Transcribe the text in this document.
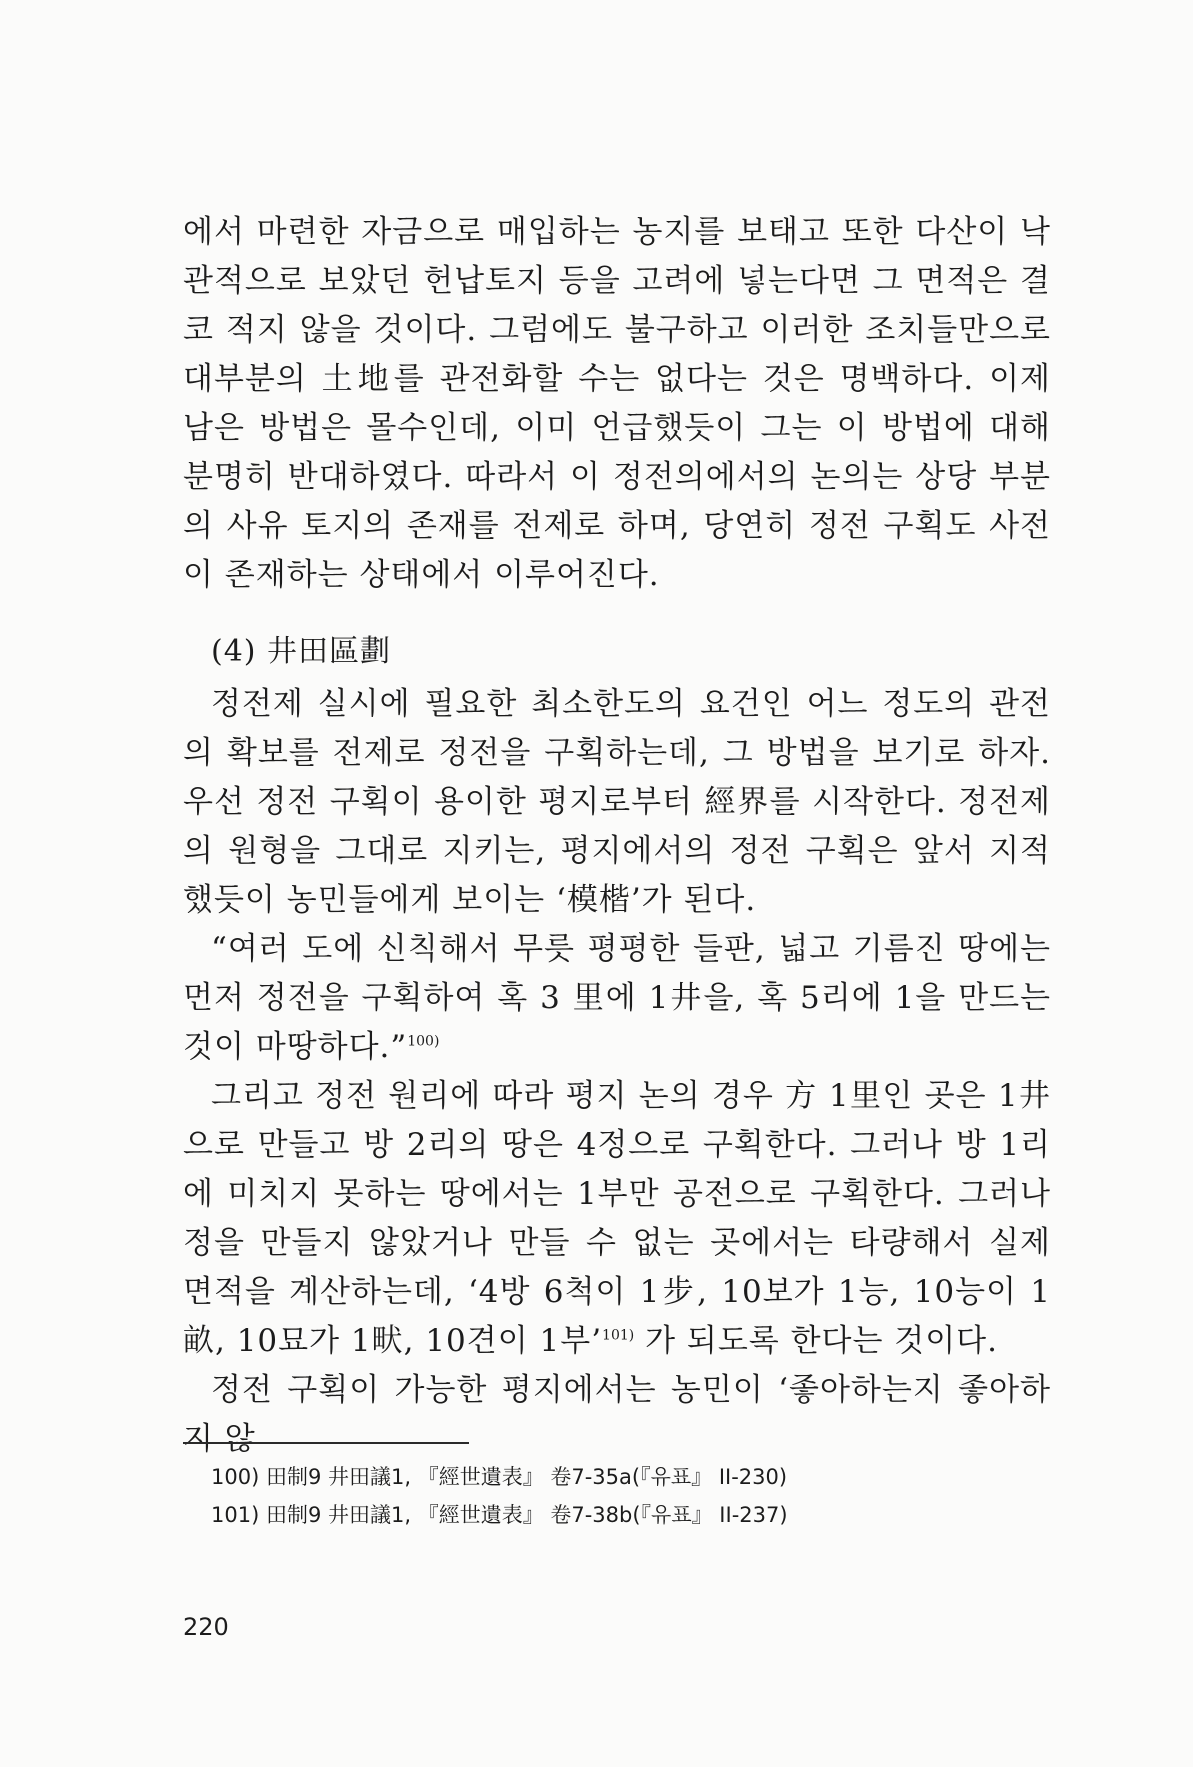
에서 마련한 자금으로 매입하는 농지를 보태고 또한 다산이 낙관적으로 보았던 헌납토지 등을 고려에 넣는다면 그 면적은 결코 적지 않을 것이다. 그럼에도 불구하고 이러한 조치들만으로 대부분의 土地를 관전화할 수는 없다는 것은 명백하다. 이제 남은 방법은 몰수인데, 이미 언급했듯이 그는 이 방법에 대해 분명히 반대하였다. 따라서 이 정전의에서의 논의는 상당 부분의 사유 토지의 존재를 전제로 하며, 당연히 정전 구획도 사전이 존재하는 상태에서 이루어진다.

(4) 井田區劃

정전제 실시에 필요한 최소한도의 요건인 어느 정도의 관전의 확보를 전제로 정전을 구획하는데, 그 방법을 보기로 하자. 우선 정전 구획이 용이한 평지로부터 經界를 시작한다. 정전제의 원형을 그대로 지키는, 평지에서의 정전 구획은 앞서 지적했듯이 농민들에게 보이는 ‘模楷’가 된다.

“여러 도에 신칙해서 무릇 평평한 들판, 넓고 기름진 땅에는 먼저 정전을 구획하여 혹 3 里에 1井을, 혹 5리에 1을 만드는 것이 마땅하다.”$^{100)}$

그리고 정전 원리에 따라 평지 논의 경우 方 1里인 곳은 1井으로 만들고 방 2리의 땅은 4정으로 구획한다. 그러나 방 1리에 미치지 못하는 땅에서는 1부만 공전으로 구획한다. 그러나 정을 만들지 않았거나 만들 수 없는 곳에서는 타량해서 실제 면적을 계산하는데, ‘4방 6척이 1步, 10보가 1능, 10능이 1畝, 10묘가 1畎, 10견이 1부’$^{101)}$ 가 되도록 한다는 것이다.

정전 구획이 가능한 평지에서는 농민이 ‘좋아하는지 좋아하지 않

100) 田制9 井田議1, 『經世遺表』 卷7-35a(『유표』 II-230)

101) 田制9 井田議1, 『經世遺表』 卷7-38b(『유표』 II-237)

220
